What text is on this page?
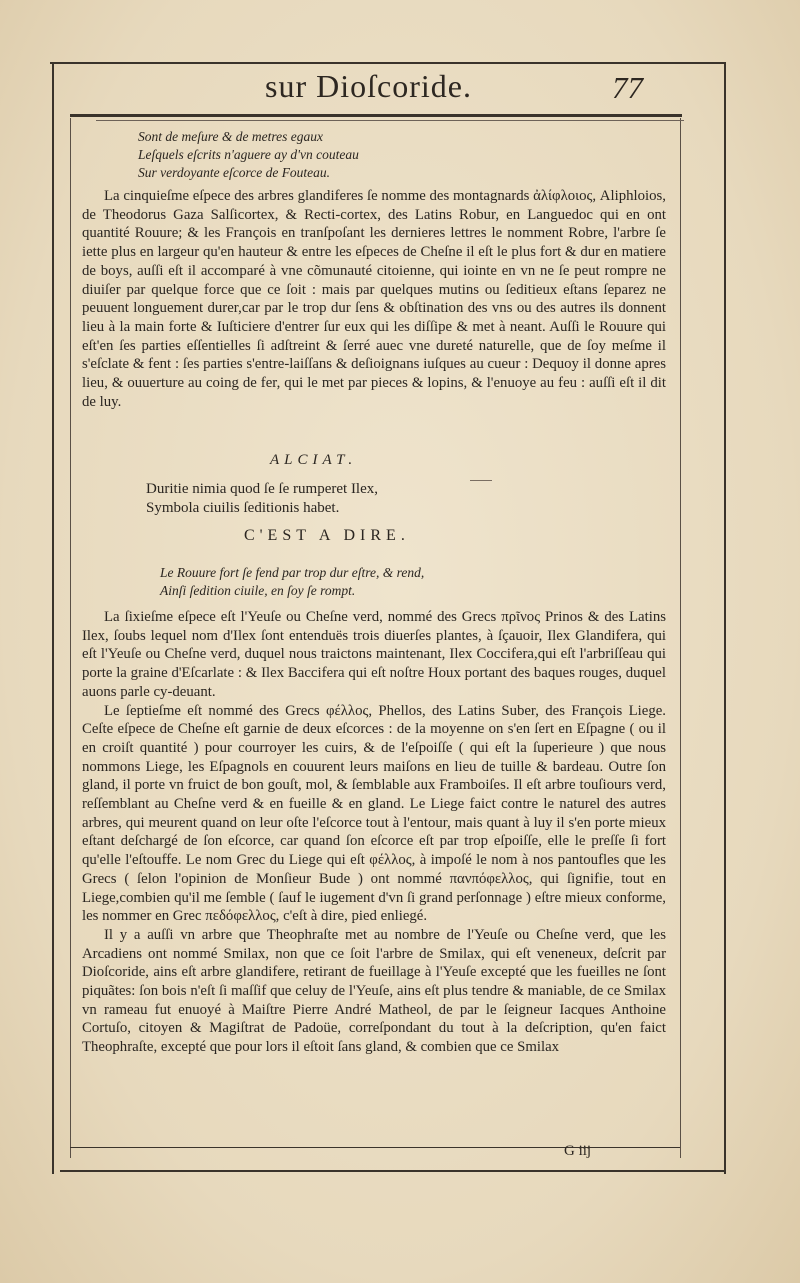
sur Dioſcoride.	77
Sont de meſure & de metres egaux
Leſquels eſcrits n'aguere ay d'vn couteau
Sur verdoyante eſcorce de Fouteau.

La cinquieſme eſpece des arbres glandiferes ſe nomme des montagnards ἀλίφλοιος, Aliphloios, de Theodorus Gaza Salſicortex, & Recti-cortex, des Latins Robur, en Languedoc qui en ont quantité Rouure; & les François en tranſpoſant les dernieres lettres le nomment Robre, l'arbre ſe iette plus en largeur qu'en hauteur & entre les eſpeces de Cheſne il eſt le plus fort & dur en matiere de boys, auſſi eſt il accomparé à vne cõmunauté citoienne, qui iointe en vn ne ſe peut rompre ne diuiſer par quelque force que ce ſoit : mais par quelques mutins ou ſeditieux eſtans ſeparez ne peuuent longuement durer,car par le trop dur ſens & obſtination des vns ou des autres ils donnent lieu à la main forte & Iuſticiere d'entrer ſur eux qui les diſſipe & met à neant. Auſſi le Rouure qui eſt'en ſes parties eſſentielles ſi adſtreint & ſerré auec vne dureté naturelle, que de ſoy meſme il s'eſclate & fent : ſes parties s'entre-laiſſans & deſioignans iuſques au cueur : Dequoy il donne apres lieu, & ouuerture au coing de fer, qui le met par pieces & lopins, & l'enuoye au feu : auſſi eſt il dit de luy.

ALCIAT.
Duritie nimia quod ſe ſe rumperet Ilex,
Symbola ciuilis ſeditionis habet.
C'EST A DIRE.
Le Rouure fort ſe fend par trop dur eſtre, & rend,
Ainſi ſedition ciuile, en ſoy ſe rompt.

La ſixieſme eſpece eſt l'Yeuſe ou Cheſne verd, nommé des Grecs πρῖνος Prinos & des Latins Ilex, ſoubs lequel nom d'Ilex ſont entenduës trois diuerſes plantes, à ſçauoir, Ilex Glandifera, qui eſt l'Yeuſe ou Cheſne verd, duquel nous traictons maintenant, Ilex Coccifera,qui eſt l'arbriſſeau qui porte la graine d'Eſcarlate : & Ilex Baccifera qui eſt noſtre Houx portant des baques rouges, duquel auons parle cy-deuant.

Le ſeptieſme eſt nommé des Grecs φέλλος, Phellos, des Latins Suber, des François Liege. Ceſte eſpece de Cheſne eſt garnie de deux eſcorces : de la moyenne on s'en ſert en Eſpagne ( ou il en croiſt quantité ) pour courroyer les cuirs, & de l'eſpoiſſe ( qui eſt la ſuperieure ) que nous nommons Liege, les Eſpagnols en couurent leurs maiſons en lieu de tuille & bardeau. Outre ſon gland, il porte vn fruict de bon gouſt, mol, & ſemblable aux Framboiſes. Il eſt arbre touſiours verd, reſſemblant au Cheſne verd & en fueille & en gland. Le Liege faict contre le naturel des autres arbres, qui meurent quand on leur oſte l'eſcorce tout à l'entour, mais quant à luy il s'en porte mieux eſtant deſchargé de ſon eſcorce, car quand ſon eſcorce eſt par trop eſpoiſſe, elle le preſſe ſi fort qu'elle l'eſtouffe. Le nom Grec du Liege qui eſt φέλλος, à impoſé le nom à nos pantoufles que les Grecs ( ſelon l'opinion de Monſieur Bude ) ont nommé πανπόφελλος, qui ſignifie, tout en Liege,combien qu'il me ſemble ( ſauf le iugement d'vn ſi grand perſonnage ) eſtre mieux conforme, les nommer en Grec πεδόφελλος, c'eſt à dire, pied enliegé.

Il y a auſſi vn arbre que Theophraſte met au nombre de l'Yeuſe ou Cheſne verd, que les Arcadiens ont nommé Smilax, non que ce ſoit l'arbre de Smilax, qui eſt veneneux, deſcrit par Dioſcoride, ains eſt arbre glandifere, retirant de fueillage à l'Yeuſe excepté que les fueilles ne ſont piquãtes: ſon bois n'eſt ſi maſſif que celuy de l'Yeuſe, ains eſt plus tendre & maniable, de ce Smilax vn rameau fut enuoyé à Maiſtre Pierre André Matheol, de par le ſeigneur Iacques Anthoine Cortuſo, citoyen & Magiſtrat de Padoüe, correſpondant du tout à la deſcription, qu'en faict Theophraſte, excepté que pour lors il eſtoit ſans gland, & combien que ce Smilax

G iij
